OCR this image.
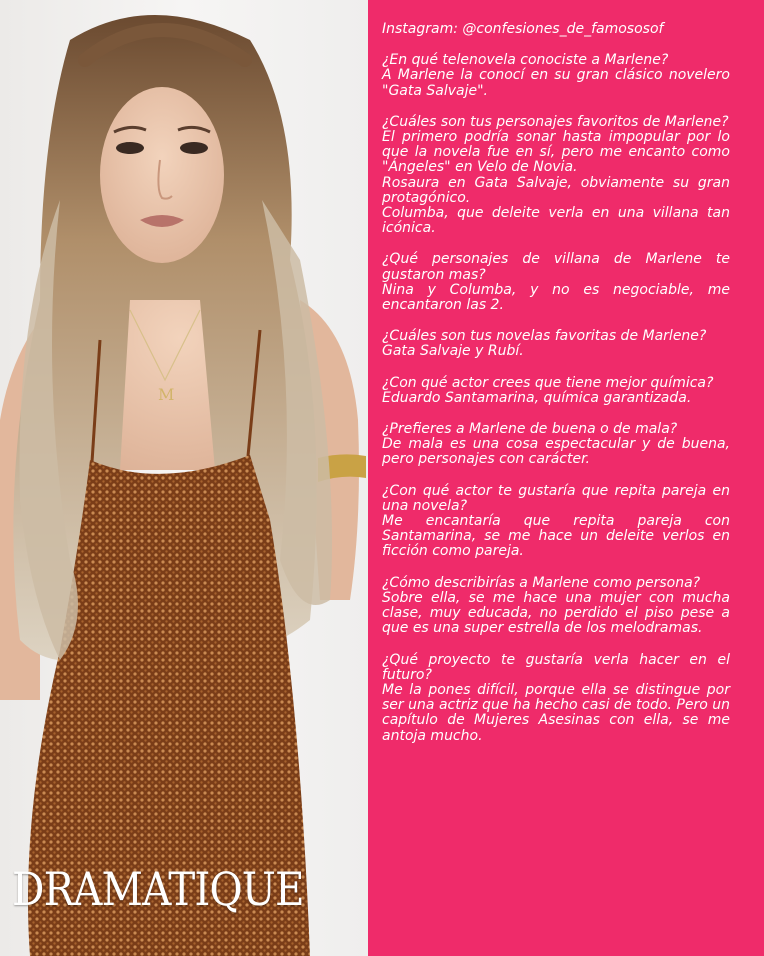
M
DRAMATIQUE
Instagram: @confesiones_de_famososof

¿En qué telenovela conociste a Marlene?

A Marlene la conocí en su gran clásico novelero "Gata Salvaje".

¿Cuáles son tus personajes favoritos de Marlene?

El primero podría sonar hasta impopular por lo que la novela fue en sí, pero me encanto como "Ángeles" en Velo de Novia.

Rosaura en Gata Salvaje, obviamente su gran protagónico.

Columba, que deleite verla en una villana tan icónica.

¿Qué personajes de villana de Marlene te gustaron mas?

Nina y Columba, y no es negociable, me encantaron las 2.

¿Cuáles son tus novelas favoritas de Marlene?

Gata Salvaje y Rubí.

¿Con qué actor crees que tiene mejor química?

Eduardo Santamarina, química garantizada.

¿Prefieres a Marlene de buena o de mala?

De mala es una cosa espectacular y de buena, pero personajes con carácter.

¿Con qué actor te gustaría que repita pareja en una novela?

Me encantaría que repita pareja con Santamarina, se me hace un deleite verlos en ficción como pareja.

¿Cómo describirías a Marlene como persona?

Sobre ella, se me hace una mujer con mucha clase, muy educada, no perdido el piso pese a que es una super estrella de los melodramas.

¿Qué proyecto te gustaría verla hacer en el futuro?

Me la pones difícil, porque ella se distingue por ser una actriz que ha hecho casi de todo. Pero un capítulo de Mujeres Asesinas con ella, se me antoja mucho.
